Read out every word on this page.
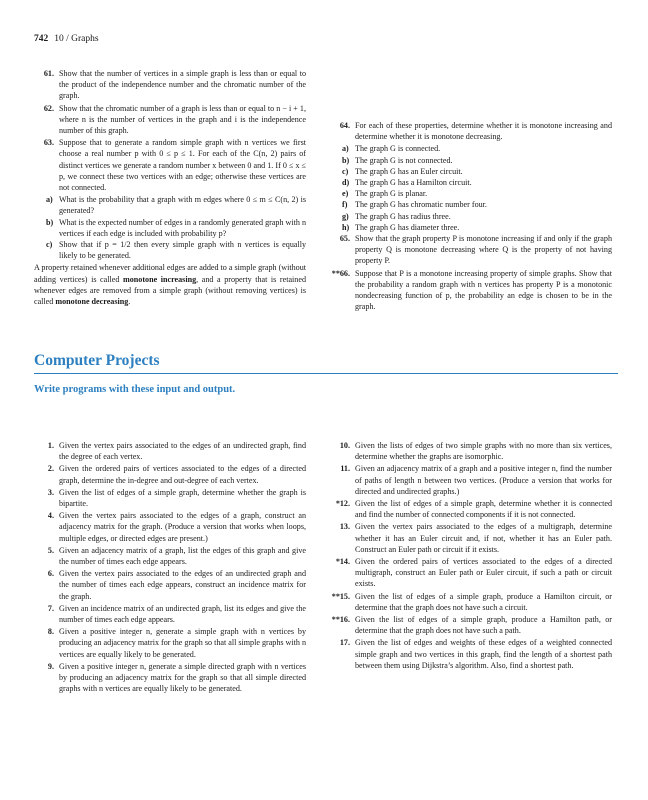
742 10 / Graphs
61. Show that the number of vertices in a simple graph is less than or equal to the product of the independence number and the chromatic number of the graph.
62. Show that the chromatic number of a graph is less than or equal to n − i + 1, where n is the number of vertices in the graph and i is the independence number of this graph.
63. Suppose that to generate a random simple graph with n vertices we first choose a real number p with 0 ≤ p ≤ 1. For each of the C(n, 2) pairs of distinct vertices we generate a random number x between 0 and 1. If 0 ≤ x ≤ p, we connect these two vertices with an edge; otherwise these vertices are not connected.
a) What is the probability that a graph with m edges where 0 ≤ m ≤ C(n, 2) is generated?
b) What is the expected number of edges in a randomly generated graph with n vertices if each edge is included with probability p?
c) Show that if p = 1/2 then every simple graph with n vertices is equally likely to be generated.
A property retained whenever additional edges are added to a simple graph (without adding vertices) is called monotone increasing, and a property that is retained whenever edges are removed from a simple graph (without removing vertices) is called monotone decreasing.
64. For each of these properties, determine whether it is monotone increasing and determine whether it is monotone decreasing.
a) The graph G is connected.
b) The graph G is not connected.
c) The graph G has an Euler circuit.
d) The graph G has a Hamilton circuit.
e) The graph G is planar.
f) The graph G has chromatic number four.
g) The graph G has radius three.
h) The graph G has diameter three.
65. Show that the graph property P is monotone increasing if and only if the graph property Q is monotone decreasing where Q is the property of not having property P.
**66. Suppose that P is a monotone increasing property of simple graphs. Show that the probability a random graph with n vertices has property P is a monotonic nondecreasing function of p, the probability an edge is chosen to be in the graph.
Computer Projects
Write programs with these input and output.
1. Given the vertex pairs associated to the edges of an undirected graph, find the degree of each vertex.
2. Given the ordered pairs of vertices associated to the edges of a directed graph, determine the in-degree and out-degree of each vertex.
3. Given the list of edges of a simple graph, determine whether the graph is bipartite.
4. Given the vertex pairs associated to the edges of a graph, construct an adjacency matrix for the graph. (Produce a version that works when loops, multiple edges, or directed edges are present.)
5. Given an adjacency matrix of a graph, list the edges of this graph and give the number of times each edge appears.
6. Given the vertex pairs associated to the edges of an undirected graph and the number of times each edge appears, construct an incidence matrix for the graph.
7. Given an incidence matrix of an undirected graph, list its edges and give the number of times each edge appears.
8. Given a positive integer n, generate a simple graph with n vertices by producing an adjacency matrix for the graph so that all simple graphs with n vertices are equally likely to be generated.
9. Given a positive integer n, generate a simple directed graph with n vertices by producing an adjacency matrix for the graph so that all simple directed graphs with n vertices are equally likely to be generated.
10. Given the lists of edges of two simple graphs with no more than six vertices, determine whether the graphs are isomorphic.
11. Given an adjacency matrix of a graph and a positive integer n, find the number of paths of length n between two vertices. (Produce a version that works for directed and undirected graphs.)
*12. Given the list of edges of a simple graph, determine whether it is connected and find the number of connected components if it is not connected.
13. Given the vertex pairs associated to the edges of a multigraph, determine whether it has an Euler circuit and, if not, whether it has an Euler path. Construct an Euler path or circuit if it exists.
*14. Given the ordered pairs of vertices associated to the edges of a directed multigraph, construct an Euler path or Euler circuit, if such a path or circuit exists.
**15. Given the list of edges of a simple graph, produce a Hamilton circuit, or determine that the graph does not have such a circuit.
**16. Given the list of edges of a simple graph, produce a Hamilton path, or determine that the graph does not have such a path.
17. Given the list of edges and weights of these edges of a weighted connected simple graph and two vertices in this graph, find the length of a shortest path between them using Dijkstra’s algorithm. Also, find a shortest path.
